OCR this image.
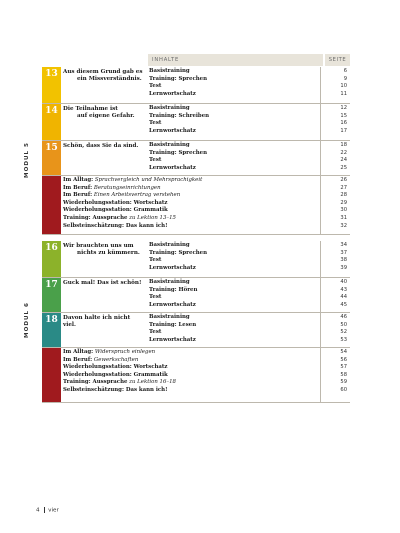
INHALTE	SEITE
MODUL 5
13 Aus diesem Grund gab es
ein Missverständnis.
Basistraining
Training: Sprechen
Test
Lernwortschatz
6
9
10
11
14 Die Teilnahme ist
auf eigene Gefahr.
Basistraining
Training: Schreiben
Test
Lernwortschatz
12
15
16
17
15 Schön, dass Sie da sind.	Basistraining
Training: Sprechen
Test
Lernwortschatz
18
22
24
25
Im Alltag: Sprachvergleich und Mehrsprachigkeit
Im Beruf: Beratungseinrichtungen
Im Beruf: Einen Arbeitsvertrag verstehen
Wiederholungsstation: Wortschatz
Wiederholungsstation: Grammatik
Training: Aussprache zu Lektion 13–15
Selbsteinschätzung: Das kann ich!
26
27
28
29
30
31
32
MODUL 6
16 Wir brauchten uns um
nichts zu kümmern.
Basistraining
Training: Sprechen
Test
Lernwortschatz
34
37
38
39
17 Guck mal! Das ist schön! Basistraining
Training: Hören
Test
Lernwortschatz
40
43
44
45
18 Davon halte ich nicht viel.
Basistraining
Training: Lesen
Test
Lernwortschatz
46
50
52
53
Im Alltag: Widerspruch einlegen
Im Beruf: Gewerkschaften
Wiederholungsstation: Wortschatz
Wiederholungsstation: Grammatik
Training: Aussprache zu Lektion 16–18
Selbsteinschätzung: Das kann ich!
54
56
57
58
59
60
4 vier
